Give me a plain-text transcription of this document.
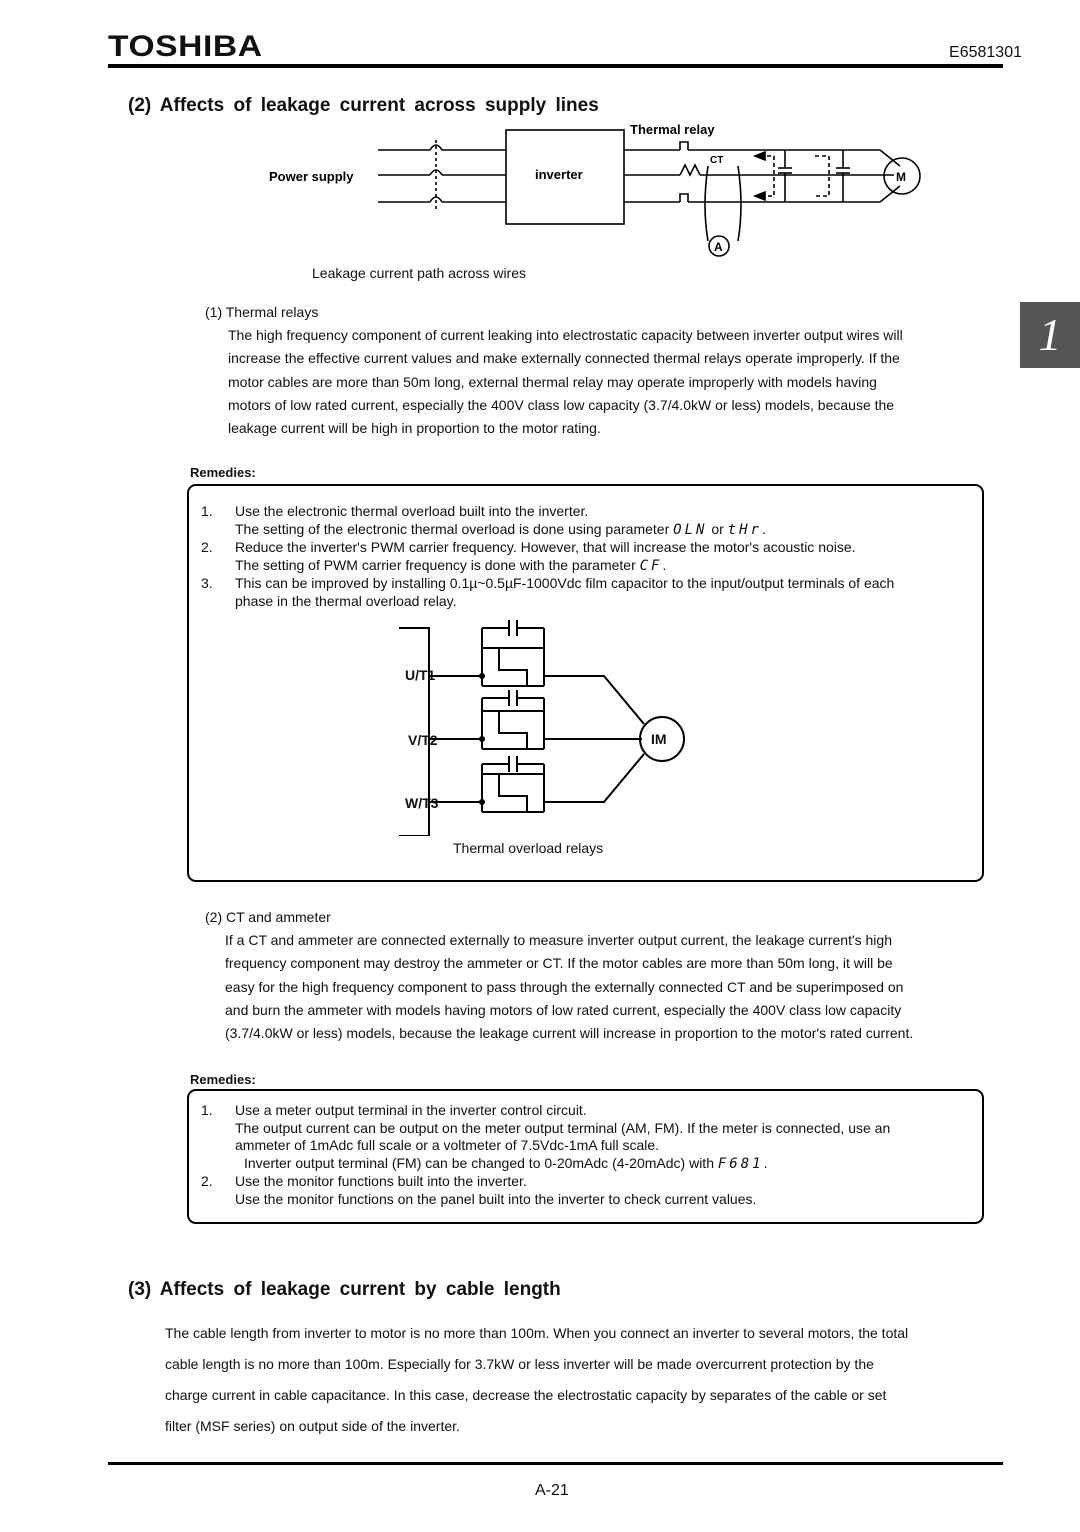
TOSHIBA	E6581301
(2) Affects of leakage current across supply lines
Thermal relay
Power supply	inverter
CT
M
A
Leakage current path across wires
1
(1) Thermal relays
The high frequency component of current leaking into electrostatic capacity between inverter output wires will
increase the effective current values and make externally connected thermal relays operate improperly. If the
motor cables are more than 50m long, external thermal relay may operate improperly with models having
motors of low rated current, especially the 400V class low capacity (3.7/4.0kW or less) models, because the
leakage current will be high in proportion to the motor rating.
Remedies:
1. Use the electronic thermal overload built into the inverter.
The setting of the electronic thermal overload is done using parameter OLN or tHr.
2. Reduce the inverter's PWM carrier frequency. However, that will increase the motor's acoustic noise.
The setting of PWM carrier frequency is done with the parameter CF.
3. This can be improved by installing 0.1µ~0.5µF-1000Vdc film capacitor to the input/output terminals of each
phase in the thermal overload relay.
U/T1
V/T2
W/T3
IM
Thermal overload relays
(2) CT and ammeter
If a CT and ammeter are connected externally to measure inverter output current, the leakage current's high
frequency component may destroy the ammeter or CT. If the motor cables are more than 50m long, it will be
easy for the high frequency component to pass through the externally connected CT and be superimposed on
and burn the ammeter with models having motors of low rated current, especially the 400V class low capacity
(3.7/4.0kW or less) models, because the leakage current will increase in proportion to the motor's rated current.
Remedies:
1. Use a meter output terminal in the inverter control circuit.
The output current can be output on the meter output terminal (AM, FM). If the meter is connected, use an
ammeter of 1mAdc full scale or a voltmeter of 7.5Vdc-1mA full scale.
Inverter output terminal (FM) can be changed to 0-20mAdc (4-20mAdc) with F681.
2. Use the monitor functions built into the inverter.
Use the monitor functions on the panel built into the inverter to check current values.
(3) Affects of leakage current by cable length
The cable length from inverter to motor is no more than 100m. When you connect an inverter to several motors, the total
cable length is no more than 100m. Especially for 3.7kW or less inverter will be made overcurrent protection by the
charge current in cable capacitance. In this case, decrease the electrostatic capacity by separates of the cable or set
filter (MSF series) on output side of the inverter.
A-21
